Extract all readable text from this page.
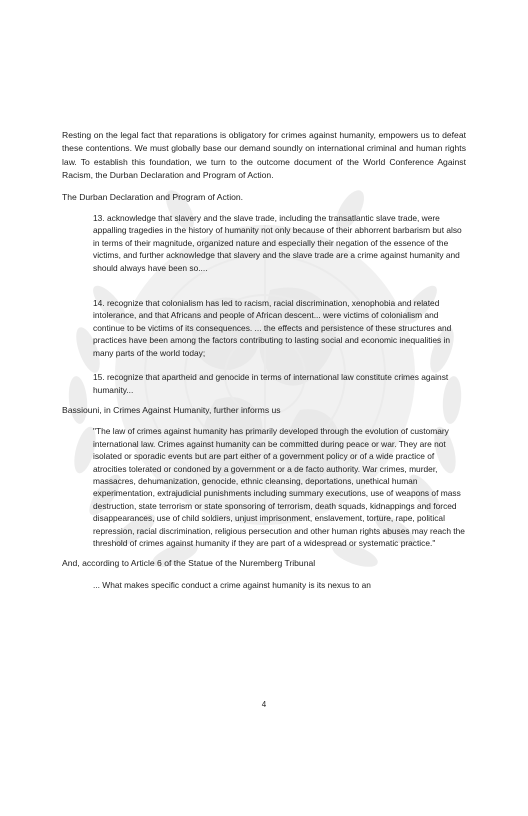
Resting on the legal fact that reparations is obligatory for crimes against humanity, empowers us to defeat these contentions. We must globally base our demand soundly on international criminal and human rights law. To establish this foundation, we turn to the outcome document of the World Conference Against Racism, the Durban Declaration and Program of Action.

The Durban Declaration and Program of Action.

13. acknowledge that slavery and the slave trade, including the transatlantic slave trade, were appalling tragedies in the history of humanity not only because of their abhorrent barbarism but also in terms of their magnitude, organized nature and especially their negation of the essence of the victims, and further acknowledge that slavery and the slave trade are a crime against humanity and should always have been so....

14. recognize that colonialism has led to racism, racial discrimination, xenophobia and related intolerance, and that Africans and people of African descent... were victims of colonialism and continue to be victims of its consequences. ... the effects and persistence of these structures and practices have been among the factors contributing to lasting social and economic inequalities in many parts of the world today;

15. recognize that apartheid and genocide in terms of international law constitute crimes against humanity...

Bassiouni, in Crimes Against Humanity, further informs us

"The law of crimes against humanity has primarily developed through the evolution of customary international law. Crimes against humanity can be committed during peace or war. They are not isolated or sporadic events but are part either of a government policy or of a wide practice of atrocities tolerated or condoned by a government or a de facto authority. War crimes, murder, massacres, dehumanization, genocide, ethnic cleansing, deportations, unethical human experimentation, extrajudicial punishments including summary executions, use of weapons of mass destruction, state terrorism or state sponsoring of terrorism, death squads, kidnappings and forced disappearances, use of child soldiers, unjust imprisonment, enslavement, torture, rape, political repression, racial discrimination, religious persecution and other human rights abuses may reach the threshold of crimes against humanity if they are part of a widespread or systematic practice."

And, according to Article 6 of the Statue of the Nuremberg Tribunal

... What makes specific conduct a crime against humanity is its nexus to an

4
